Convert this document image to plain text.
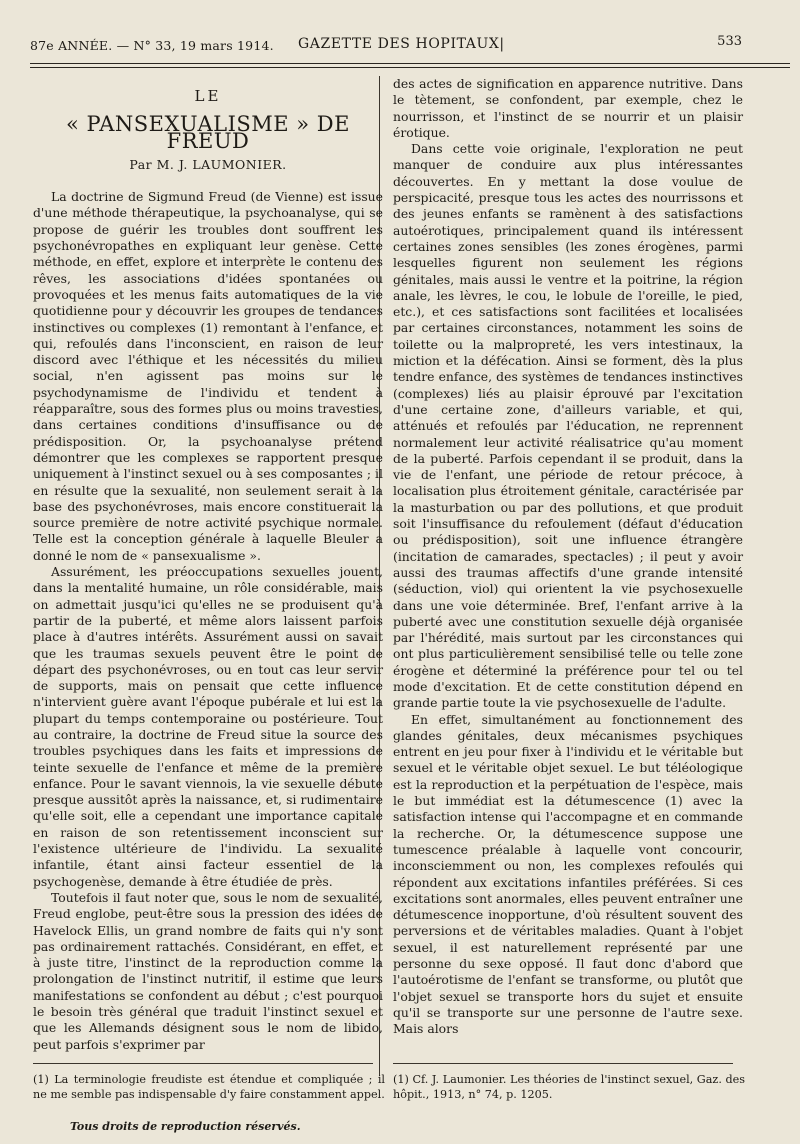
87e ANNÉE. — N° 33, 19 mars 1914. GAZETTE DES HOPITAUX|	533
LE
« PANSEXUALISME » DE FREUD
Par M. J. LAUMONIER.

La doctrine de Sigmund Freud (de Vienne) est issue d'une méthode thérapeutique, la psychoanalyse, qui se propose de guérir les troubles dont souffrent les psychonévropathes en expliquant leur genèse. Cette méthode, en effet, explore et interprète le contenu des rêves, les associations d'idées spontanées ou provoquées et les menus faits automatiques de la vie quotidienne pour y découvrir les groupes de tendances instinctives ou complexes (1) remontant à l'enfance, et qui, refoulés dans l'inconscient, en raison de leur discord avec l'éthique et les nécessités du milieu social, n'en agissent pas moins sur le psychodynamisme de l'individu et tendent à réapparaître, sous des formes plus ou moins travesties, dans certaines conditions d'insuffisance ou de prédisposition. Or, la psychoanalyse prétend démontrer que les complexes se rapportent presque uniquement à l'instinct sexuel ou à ses composantes ; il en résulte que la sexualité, non seulement serait à la base des psychonévroses, mais encore constituerait la source première de notre activité psychique normale. Telle est la conception générale à laquelle Bleuler a donné le nom de « pansexualisme ».

Assurément, les préoccupations sexuelles jouent, dans la mentalité humaine, un rôle considérable, mais on admettait jusqu'ici qu'elles ne se produisent qu'à partir de la puberté, et même alors laissent parfois place à d'autres intérêts. Assurément aussi on savait que les traumas sexuels peuvent être le point de départ des psychonévroses, ou en tout cas leur servir de supports, mais on pensait que cette influence n'intervient guère avant l'époque pubérale et lui est la plupart du temps contemporaine ou postérieure. Tout au contraire, la doctrine de Freud situe la source des troubles psychiques dans les faits et impressions de teinte sexuelle de l'enfance et même de la première enfance. Pour le savant viennois, la vie sexuelle débute presque aussitôt après la naissance, et, si rudimentaire qu'elle soit, elle a cependant une importance capitale en raison de son retentissement inconscient sur l'existence ultérieure de l'individu. La sexualité infantile, étant ainsi facteur essentiel de la psychogenèse, demande à être étudiée de près.

Toutefois il faut noter que, sous le nom de sexualité, Freud englobe, peut-être sous la pression des idées de Havelock Ellis, un grand nombre de faits qui n'y sont pas ordinairement rattachés. Considérant, en effet, et à juste titre, l'instinct de la reproduction comme la prolongation de l'instinct nutritif, il estime que leurs manifestations se confondent au début ; c'est pourquoi le besoin très général que traduit l'instinct sexuel et que les Allemands désignent sous le nom de libido, peut parfois s'exprimer par

des actes de signification en apparence nutritive. Dans le tètement, se confondent, par exemple, chez le nourrisson, et l'instinct de se nourrir et un plaisir érotique.

Dans cette voie originale, l'exploration ne peut manquer de conduire aux plus intéressantes découvertes. En y mettant la dose voulue de perspicacité, presque tous les actes des nourrissons et des jeunes enfants se ramènent à des satisfactions autoérotiques, principalement quand ils intéressent certaines zones sensibles (les zones érogènes, parmi lesquelles figurent non seulement les régions génitales, mais aussi le ventre et la poitrine, la région anale, les lèvres, le cou, le lobule de l'oreille, le pied, etc.), et ces satisfactions sont facilitées et localisées par certaines circonstances, notamment les soins de toilette ou la malpropreté, les vers intestinaux, la miction et la défécation. Ainsi se forment, dès la plus tendre enfance, des systèmes de tendances instinctives (complexes) liés au plaisir éprouvé par l'excitation d'une certaine zone, d'ailleurs variable, et qui, atténués et refoulés par l'éducation, ne reprennent normalement leur activité réalisatrice qu'au moment de la puberté. Parfois cependant il se produit, dans la vie de l'enfant, une période de retour précoce, à localisation plus étroitement génitale, caractérisée par la masturbation ou par des pollutions, et que produit soit l'insuffisance du refoulement (défaut d'éducation ou prédisposition), soit une influence étrangère (incitation de camarades, spectacles) ; il peut y avoir aussi des traumas affectifs d'une grande intensité (séduction, viol) qui orientent la vie psychosexuelle dans une voie déterminée. Bref, l'enfant arrive à la puberté avec une constitution sexuelle déjà organisée par l'hérédité, mais surtout par les circonstances qui ont plus particulièrement sensibilisé telle ou telle zone érogène et déterminé la préférence pour tel ou tel mode d'excitation. Et de cette constitution dépend en grande partie toute la vie psychosexuelle de l'adulte.

En effet, simultanément au fonctionnement des glandes génitales, deux mécanismes psychiques entrent en jeu pour fixer à l'individu et le véritable but sexuel et le véritable objet sexuel. Le but téléologique est la reproduction et la perpétuation de l'espèce, mais le but immédiat est la détumescence (1) avec la satisfaction intense qui l'accompagne et en commande la recherche. Or, la détumescence suppose une tumescence préalable à laquelle vont concourir, inconsciemment ou non, les complexes refoulés qui répondent aux excitations infantiles préférées. Si ces excitations sont anormales, elles peuvent entraîner une détumescence inopportune, d'où résultent souvent des perversions et de véritables maladies. Quant à l'objet sexuel, il est naturellement représenté par une personne du sexe opposé. Il faut donc d'abord que l'autoérotisme de l'enfant se transforme, ou plutôt que l'objet sexuel se transporte hors du sujet et ensuite qu'il se transporte sur une personne de l'autre sexe. Mais alors

(1) La terminologie freudiste est étendue et compliquée ; il ne me semble pas indispensable d'y faire constamment appel.
(1) Cf. J. Laumonier. Les théories de l'instinct sexuel, Gaz. des hôpit., 1913, n° 74, p. 1205.
Tous droits de reproduction réservés.
